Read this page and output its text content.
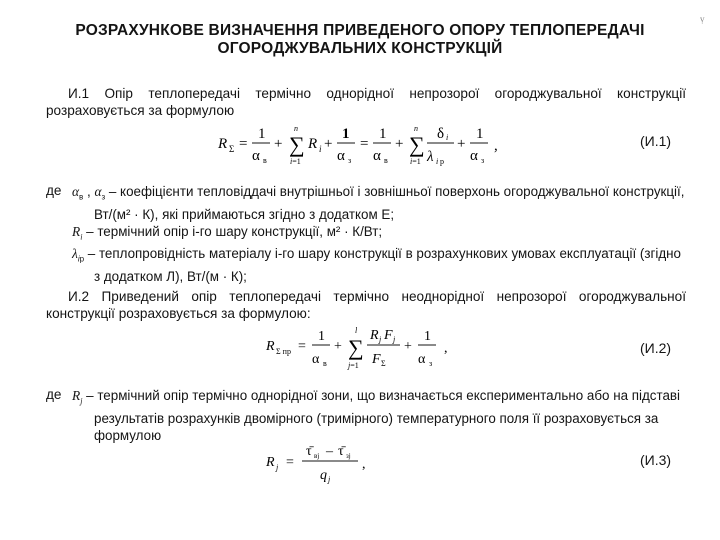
РОЗРАХУНКОВЕ ВИЗНАЧЕННЯ ПРИВЕДЕНОГО ОПОРУ ТЕПЛОПЕРЕДАЧІ
ОГОРОДЖУВАЛЬНИХ КОНСТРУКЦІЙ
ṿ
И.1 Опір теплопередачі термічно однорідної непрозорої огороджувальної конструкції розраховується за формулою
R Σ =
1
α в
+ ∑
n
i=1
R i +
1
α з
=
1
α в
+ ∑
n
i=1
δ i
λ i р
+
1
α з
,	(И.1)
де $\alpha_в$ , $\alpha_з$ – коефіцієнти тепловіддачі внутрішньої і зовнішньої поверхонь огороджувальної конструкції, Вт/(м² · К), які приймаються згідно з додатком Е;
$R_i$ – термічний опір i-го шару конструкції, м² · К/Вт;
$\lambda_{iр}$ – теплопровідність матеріалу i-го шару конструкції в розрахункових умовах експлуатації (згідно з додатком Л), Вт/(м · К);
И.2 Приведений опір теплопередачі термічно неоднорідної непрозорої огороджувальної конструкції розраховується за формулою:
R Σ пр =
1
α в
+ ∑
l
j=1
R j F j
F Σ
+
1
α з
,	(И.2)
де $R_j$ – термічний опір термічно однорідної зони, що визначається експериментально або на підставі результатів розрахунків двомірного (тримірного) температурного поля її розраховується за формулою
R j =
τ̄ вj – τ̄ зj
q j
,	(И.3)
